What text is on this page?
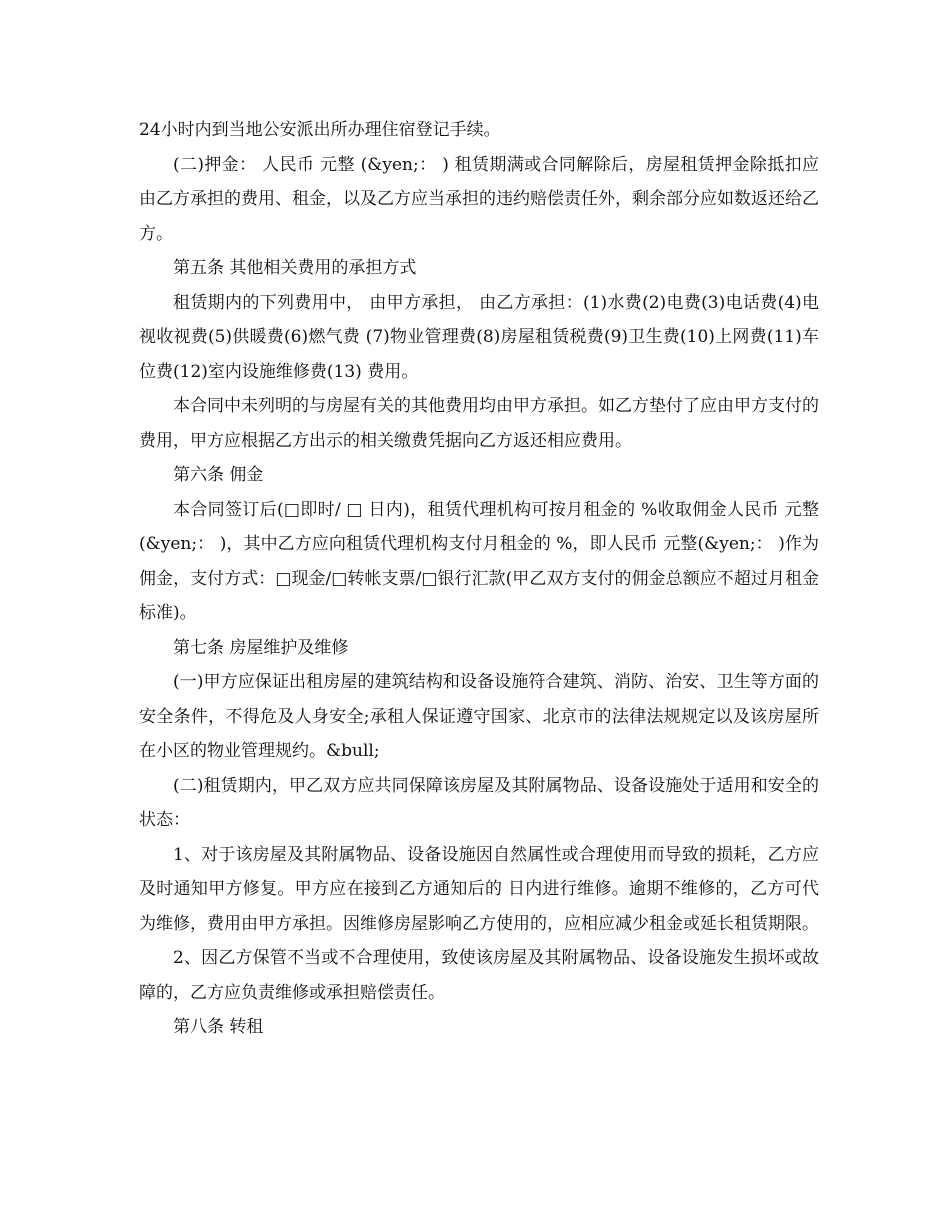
24小时内到当地公安派出所办理住宿登记手续。

(二)押金： 人民币 元整 (&yen;： ) 租赁期满或合同解除后，房屋租赁押金除抵扣应由乙方承担的费用、租金，以及乙方应当承担的违约赔偿责任外，剩余部分应如数返还给乙方。

第五条 其他相关费用的承担方式

租赁期内的下列费用中， 由甲方承担， 由乙方承担：(1)水费(2)电费(3)电话费(4)电视收视费(5)供暖费(6)燃气费 (7)物业管理费(8)房屋租赁税费(9)卫生费(10)上网费(11)车位费(12)室内设施维修费(13) 费用。

本合同中未列明的与房屋有关的其他费用均由甲方承担。如乙方垫付了应由甲方支付的费用，甲方应根据乙方出示的相关缴费凭据向乙方返还相应费用。

第六条 佣金

本合同签订后(□即时/ □ 日内)，租赁代理机构可按月租金的 %收取佣金人民币 元整(&yen;： )，其中乙方应向租赁代理机构支付月租金的 %，即人民币 元整(&yen;： )作为佣金，支付方式：□现金/□转帐支票/□银行汇款(甲乙双方支付的佣金总额应不超过月租金标准)。

第七条 房屋维护及维修

(一)甲方应保证出租房屋的建筑结构和设备设施符合建筑、消防、治安、卫生等方面的安全条件，不得危及人身安全;承租人保证遵守国家、北京市的法律法规规定以及该房屋所在小区的物业管理规约。&bull;

(二)租赁期内，甲乙双方应共同保障该房屋及其附属物品、设备设施处于适用和安全的状态：

1、对于该房屋及其附属物品、设备设施因自然属性或合理使用而导致的损耗，乙方应及时通知甲方修复。甲方应在接到乙方通知后的 日内进行维修。逾期不维修的，乙方可代为维修，费用由甲方承担。因维修房屋影响乙方使用的，应相应减少租金或延长租赁期限。

2、因乙方保管不当或不合理使用，致使该房屋及其附属物品、设备设施发生损坏或故障的，乙方应负责维修或承担赔偿责任。

第八条 转租
